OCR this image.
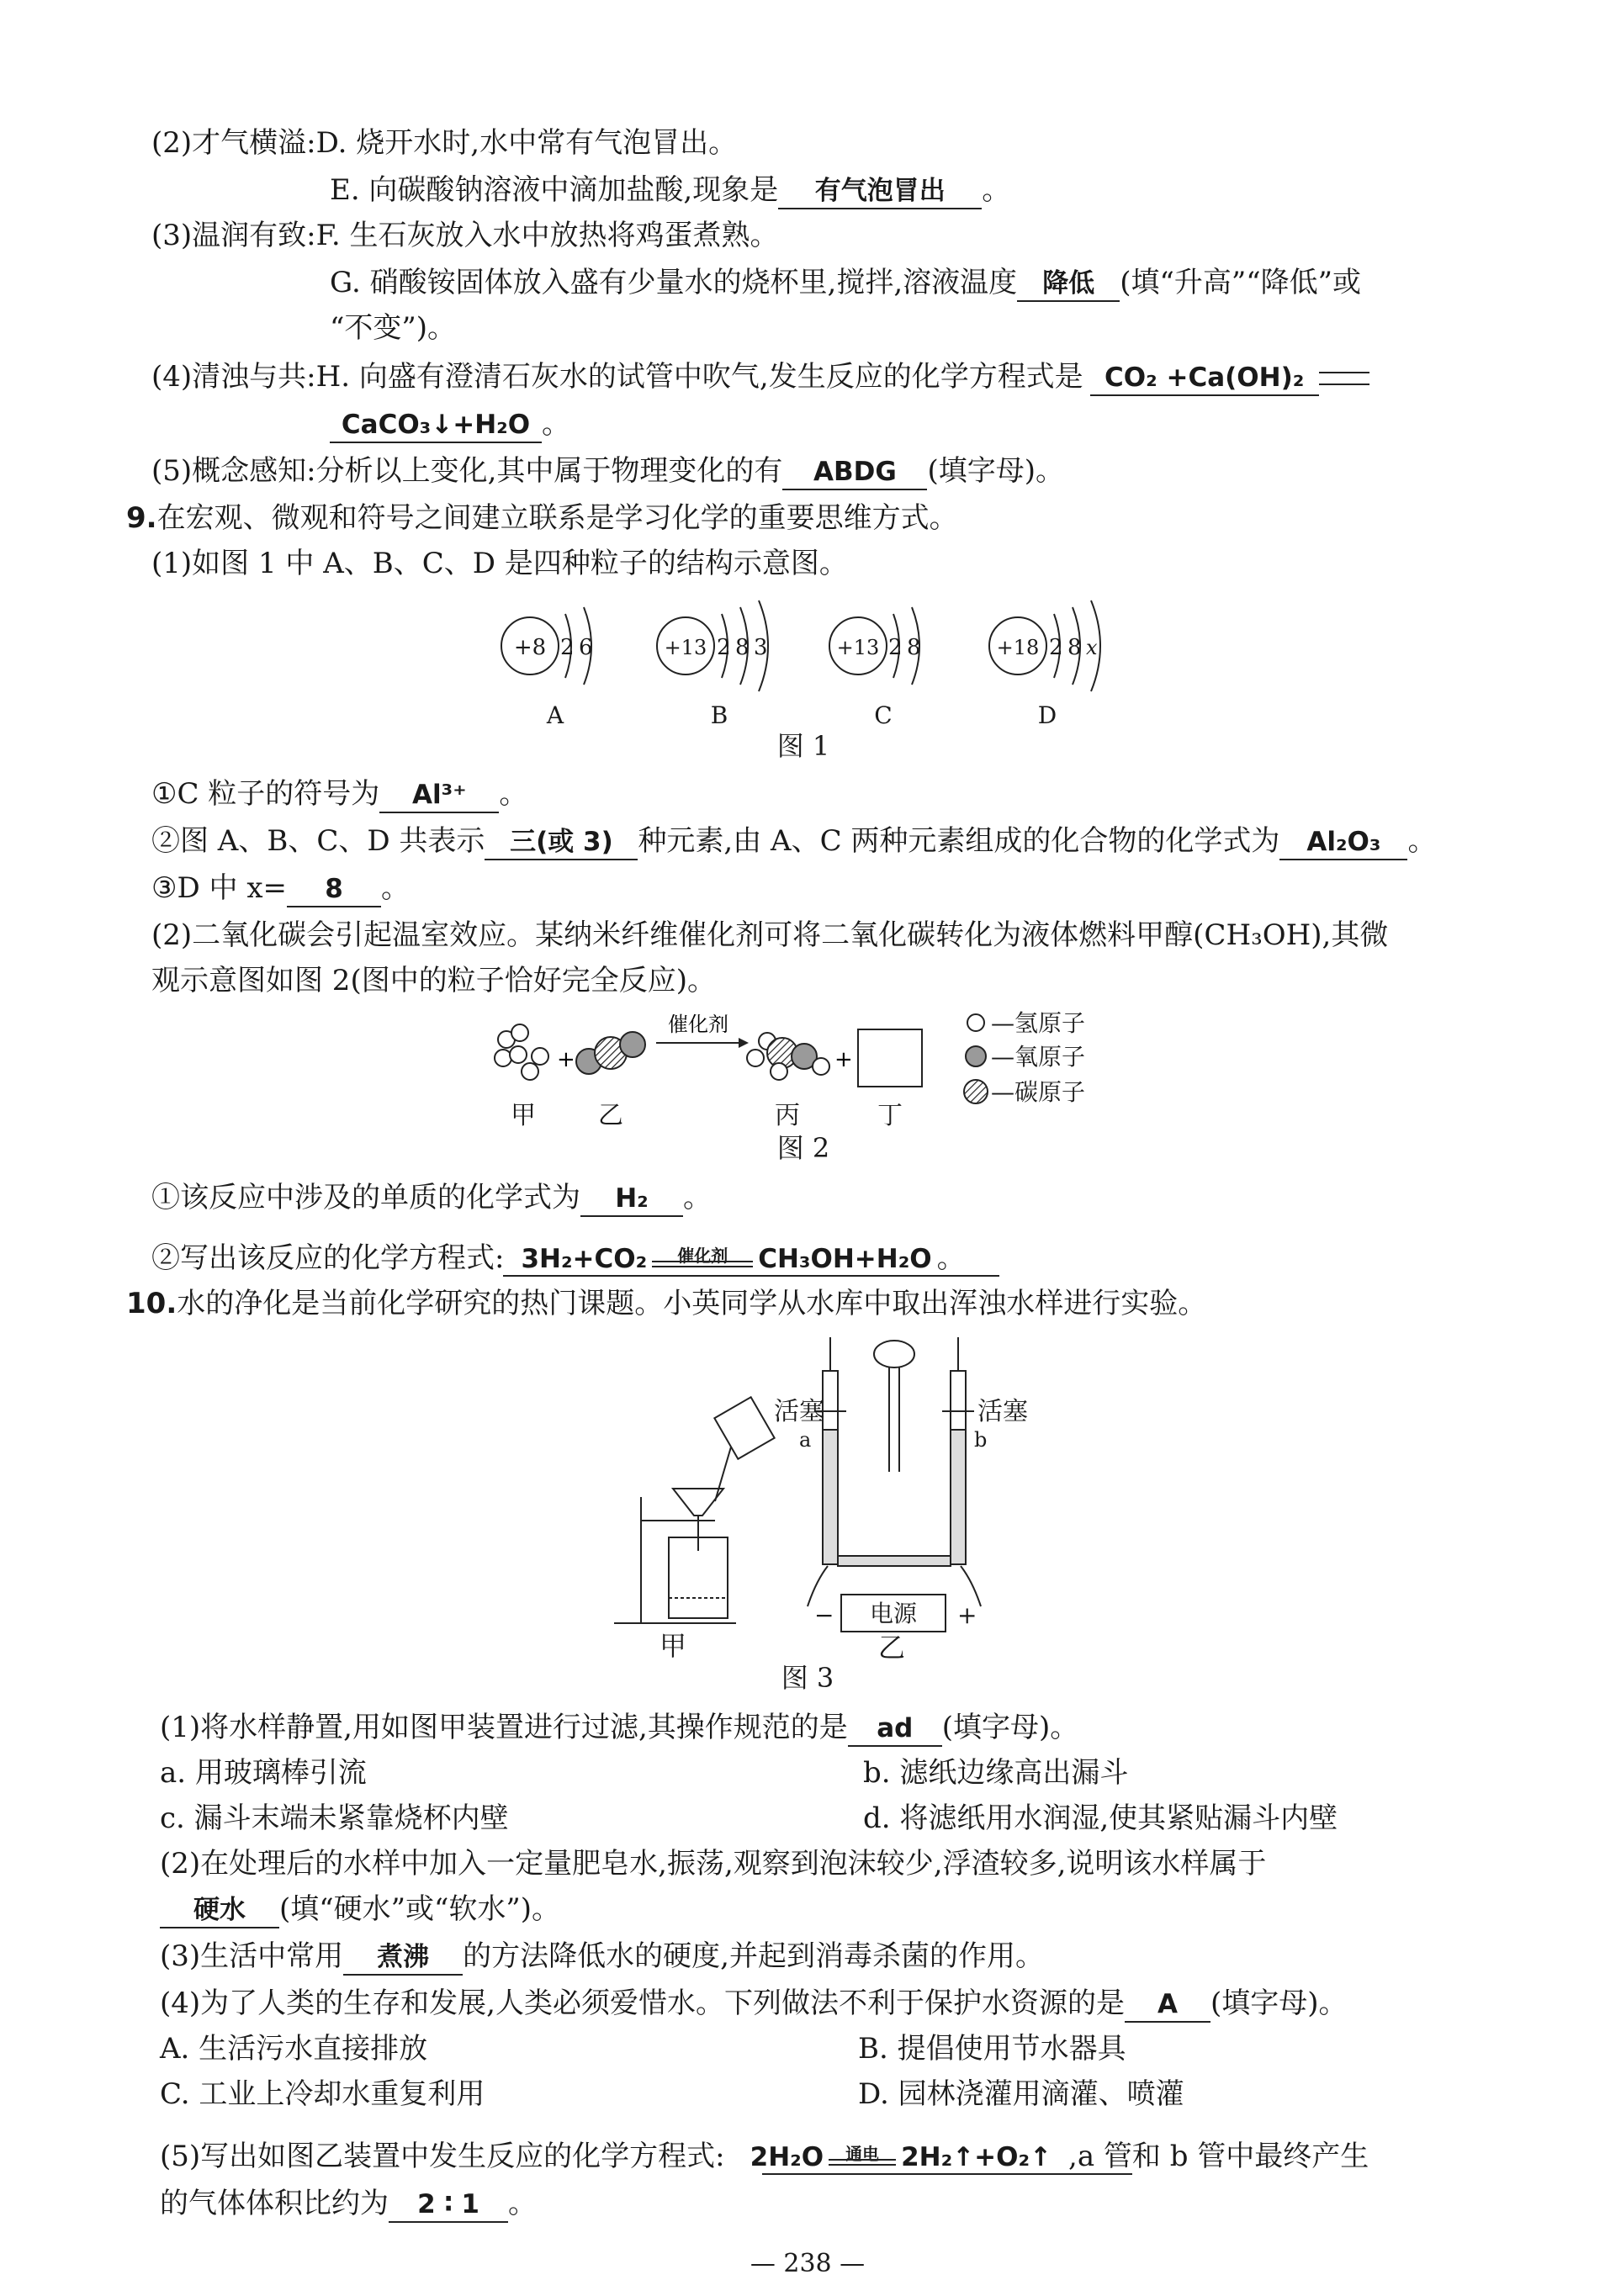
(2)才气横溢:D. 烧开水时,水中常有气泡冒出。
E. 向碳酸钠溶液中滴加盐酸,现象是 有气泡冒出 。
(3)温润有致:F. 生石灰放入水中放热将鸡蛋煮熟。
G. 硝酸铵固体放入盛有少量水的烧杯里,搅拌,溶液温度 降低 (填“升高”“降低”或
“不变”)。
(4)清浊与共:H. 向盛有澄清石灰水的试管中吹气,发生反应的化学方程式是 CO₂ +Ca(OH)₂
CaCO₃↓+H₂O 。
(5)概念感知:分析以上变化,其中属于物理变化的有 ABDG (填字母)。
9.在宏观、微观和符号之间建立联系是学习化学的重要思维方式。
(1)如图 1 中 A、B、C、D 是四种粒子的结构示意图。
+8 2 6	+13 2 8 3	+13 2 8	+18 2 8 x
A	B	C	D
图 1
①C 粒子的符号为 Al³⁺ 。
②图 A、B、C、D 共表示 三(或 3) 种元素,由 A、C 两种元素组成的化合物的化学式为 Al₂O₃ 。
③D 中 x= 8 。
(2)二氧化碳会引起温室效应。某纳米纤维催化剂可将二氧化碳转化为液体燃料甲醇(CH₃OH),其微
观示意图如图 2(图中的粒子恰好完全反应)。
+
催化剂
+
甲 乙	丙	丁
—氢原子
—氧原子
—碳原子
图 2
①该反应中涉及的单质的化学式为 H₂ 。
②写出该反应的化学方程式: 3H₂+CO₂	催化剂	CH₃OH+H₂O 。
10.水的净化是当前化学研究的热门课题。小英同学从水库中取出浑浊水样进行实验。
活塞	活塞
a	b
电源
−	+
甲	乙
图 3
(1)将水样静置,用如图甲装置进行过滤,其操作规范的是 ad (填字母)。
a. 用玻璃棒引流	b. 滤纸边缘高出漏斗
c. 漏斗末端未紧靠烧杯内壁	d. 将滤纸用水润湿,使其紧贴漏斗内壁
(2)在处理后的水样中加入一定量肥皂水,振荡,观察到泡沫较少,浮渣较多,说明该水样属于
硬水 (填“硬水”或“软水”)。
(3)生活中常用 煮沸 的方法降低水的硬度,并起到消毒杀菌的作用。
(4)为了人类的生存和发展,人类必须爱惜水。下列做法不利于保护水资源的是 A (填字母)。
A. 生活污水直接排放	B. 提倡使用节水器具
C. 工业上冷却水重复利用	D. 园林浇灌用滴灌、喷灌
(5)写出如图乙装置中发生反应的化学方程式: 2H₂O	通电 2H₂↑+O₂↑ ,a 管和 b 管中最终产生
的气体体积比约为 2 ∶ 1 。
— 238 —
